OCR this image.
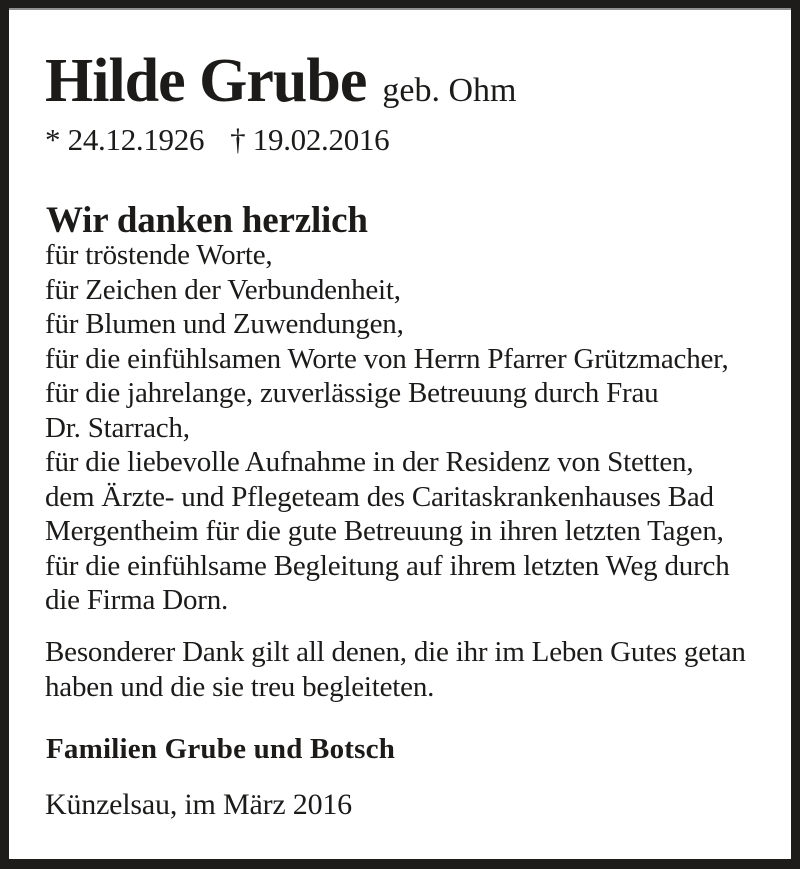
Hilde Grube geb. Ohm
* 24.12.1926 † 19.02.2016
Wir danken herzlich
für tröstende Worte,
für Zeichen der Verbundenheit,
für Blumen und Zuwendungen,
für die einfühlsamen Worte von Herrn Pfarrer Grützmacher,
für die jahrelange, zuverlässige Betreuung durch Frau
Dr. Starrach,
für die liebevolle Aufnahme in der Residenz von Stetten,
dem Ärzte- und Pflegeteam des Caritaskrankenhauses Bad
Mergentheim für die gute Betreuung in ihren letzten Tagen,
für die einfühlsame Begleitung auf ihrem letzten Weg durch
die Firma Dorn.
Besonderer Dank gilt all denen, die ihr im Leben Gutes getan
haben und die sie treu begleiteten.
Familien Grube und Botsch
Künzelsau, im März 2016
